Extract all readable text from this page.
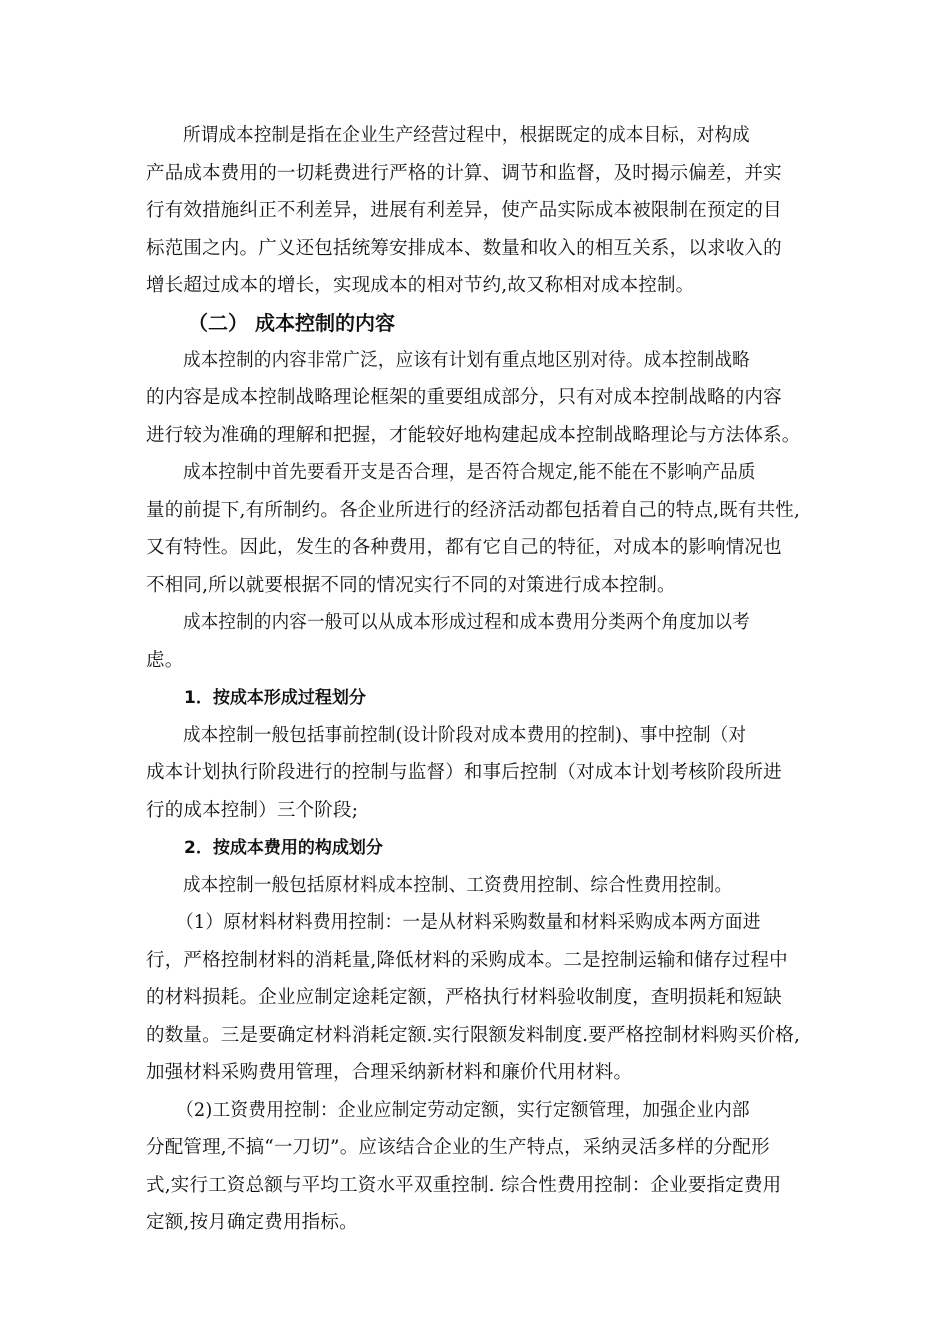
所谓成本控制是指在企业生产经营过程中，根据既定的成本目标，对构成
产品成本费用的一切耗费进行严格的计算、调节和监督，及时揭示偏差，并实
行有效措施纠正不利差异，进展有利差异，使产品实际成本被限制在预定的目
标范围之内。广义还包括统筹安排成本、数量和收入的相互关系，以求收入的
增长超过成本的增长，实现成本的相对节约,故又称相对成本控制。
（二） 成本控制的内容
成本控制的内容非常广泛，应该有计划有重点地区别对待。成本控制战略
的内容是成本控制战略理论框架的重要组成部分，只有对成本控制战略的内容
进行较为准确的理解和把握，才能较好地构建起成本控制战略理论与方法体系。
成本控制中首先要看开支是否合理，是否符合规定,能不能在不影响产品质
量的前提下,有所制约。各企业所进行的经济活动都包括着自己的特点,既有共性,
又有特性。因此，发生的各种费用，都有它自己的特征，对成本的影响情况也
不相同,所以就要根据不同的情况实行不同的对策进行成本控制。
成本控制的内容一般可以从成本形成过程和成本费用分类两个角度加以考
虑。
1．按成本形成过程划分
成本控制一般包括事前控制(设计阶段对成本费用的控制)、事中控制（对
成本计划执行阶段进行的控制与监督）和事后控制（对成本计划考核阶段所进
行的成本控制）三个阶段;
2．按成本费用的构成划分
成本控制一般包括原材料成本控制、工资费用控制、综合性费用控制。
（1）原材料材料费用控制：一是从材料采购数量和材料采购成本两方面进
行，严格控制材料的消耗量,降低材料的采购成本。二是控制运输和储存过程中
的材料损耗。企业应制定途耗定额，严格执行材料验收制度，查明损耗和短缺
的数量。三是要确定材料消耗定额.实行限额发料制度.要严格控制材料购买价格,
加强材料采购费用管理，合理采纳新材料和廉价代用材料。
（2)工资费用控制：企业应制定劳动定额，实行定额管理，加强企业内部
分配管理,不搞“一刀切”。应该结合企业的生产特点，采纳灵活多样的分配形
式,实行工资总额与平均工资水平双重控制. 综合性费用控制：企业要指定费用
定额,按月确定费用指标。
